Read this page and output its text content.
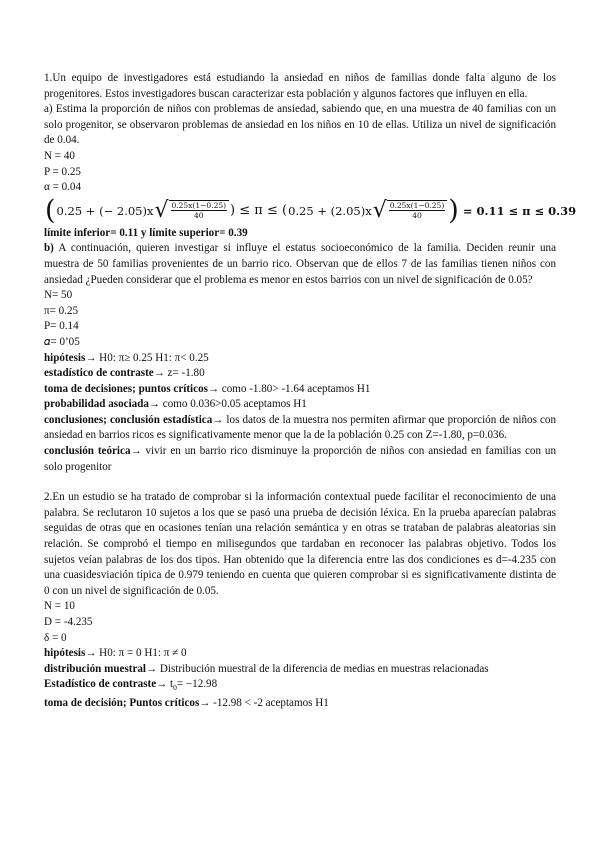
1.Un equipo de investigadores está estudiando la ansiedad en niños de familias donde falta alguno de los progenitores. Estos investigadores buscan caracterizar esta población y algunos factores que influyen en ella.

a) Estima la proporción de niños con problemas de ansiedad, sabiendo que, en una muestra de 40 familias con un solo progenitor, se observaron problemas de ansiedad en los niños en 10 de ellas. Utiliza un nivel de significación de 0.04.

N = 40

P = 0.25

α = 0.04

( 0.25 + (− 2.05)x √ $\frac{0.25x(1-0.25)}{40}$ ) ≤ π ≤ ( 0.25 + (2.05)x √ $\frac{0.25x(1-0.25)}{40}$ ) = 0.11 ≤ π ≤ 0.39

límite inferior= 0.11 y límite superior= 0.39

b) A continuación, quieren investigar si influye el estatus socioeconómico de la familia. Deciden reunir una muestra de 50 familias provenientes de un barrio rico. Observan que de ellos 7 de las familias tienen niños con ansiedad ¿Pueden considerar que el problema es menor en estos barrios con un nivel de significación de 0.05?

N= 50

π= 0.25

P= 0.14

𝛼= 0’05

hipótesis→ H0: π≥ 0.25 H1: π< 0.25

estadístico de contraste→ z= -1.80

toma de decisiones; puntos críticos→ como -1.80> -1.64 aceptamos H1

probabilidad asociada→ como 0.036>0.05 aceptamos H1

conclusiones; conclusión estadística→ los datos de la muestra nos permiten afirmar que proporción de niños con ansiedad en barrios ricos es significativamente menor que la de la población 0.25 con Z=-1.80, p=0.036.

conclusión teórica→ vivir en un barrio rico disminuye la proporción de niños con ansiedad en familias con un solo progenitor

2.En un estudio se ha tratado de comprobar si la información contextual puede facilitar el reconocimiento de una palabra. Se reclutaron 10 sujetos a los que se pasó una prueba de decisión léxica. En la prueba aparecían palabras seguidas de otras que en ocasiones tenían una relación semántica y en otras se trataban de palabras aleatorias sin relación. Se comprobó el tiempo en milisegundos que tardaban en reconocer las palabras objetivo. Todos los sujetos veían palabras de los dos tipos. Han obtenido que la diferencia entre las dos condiciones es d=-4.235 con una cuasidesviación típica de 0.979 teniendo en cuenta que quieren comprobar si es significativamente distinta de 0 con un nivel de significación de 0.05.

N = 10

D = -4.235

δ = 0

hipótesis→ H0: π = 0 H1: π ≠ 0

distribución muestral→ Distribución muestral de la diferencia de medias en muestras relacionadas

Estadístico de contraste→ $t_0= -12.98$

toma de decisión; Puntos críticos→ -12.98 < -2 aceptamos H1
